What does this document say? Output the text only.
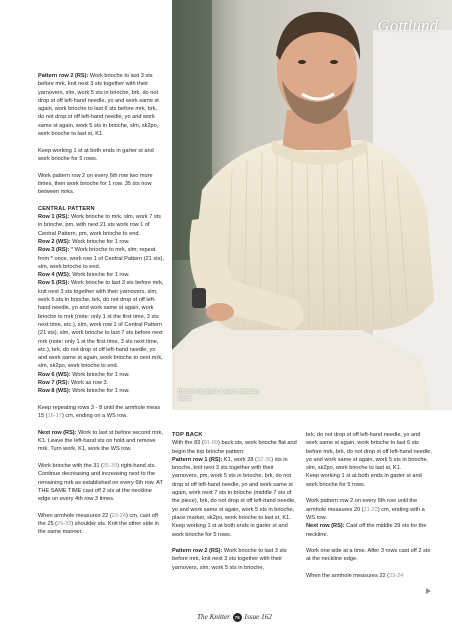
Gottlund
Brioche rib gives a warm, stretchy fabric

Pattern row 2 (RS): Work brioche to last 3 sts before mrk, knit next 3 sts together with their yarnovers, slm, work 5 sts in brioche, brk, do not drop st off left-hand needle, yo and work same st again, work brioche to last 6 sts before mrk, brk, do not drop st off left-hand needle, yo and work same st again, work 5 sts in brioche, slm, sk2po, work brioche to last st, K1.

Keep working 1 st at both ends in garter st and work brioche for 5 rows.

Work pattern row 2 on every 6th row two more times, then work brioche for 1 row. 35 sts now between mrks.

CENTRAL PATTERN
Row 1 (RS): Work brioche to mrk, slm, work 7 sts in brioche, pm, with next 21 sts work row 1 of Central Pattern, pm, work brioche to end.
Row 2 (WS): Work brioche for 1 row.
Row 3 (RS): * Work brioche to mrk, slm; repeat from * once, work row 1 of Central Pattern (21 sts), slm, work brioche to end.
Row 4 (WS): Work brioche for 1 row.
Row 5 (RS): Work brioche to last 3 sts before mrk, knit next 3 sts together with their yarnovers, slm, work 5 sts in brioche, brk, do not drop st off left-hand needle, yo and work same st again, work brioche to mrk (note: only 1 st the first time, 3 sts next time, etc.), slm, work row 1 of Central Pattern (21 sts), slm, work brioche to last 7 sts before next mrk (note: only 1 st the first time, 3 sts next time, etc.), brk, do not drop st off left-hand needle, yo and work same st again, work brioche to next mrk, slm, sk2po, work brioche to end.
Row 6 (WS): Work brioche for 1 row.
Row 7 (RS): Work as row 3.

Row 8 (WS): Work brioche for 1 row.

Keep repeating rows 3 - 8 until the armhole meas 15 (16-17) cm, ending on a WS row.

Next row (RS): Work to last st before second mrk, K1. Leave the left-hand sts on hold and remove mrk. Turn work, K1, work the WS row.

Work brioche with the 31 (35-39) right-hand sts. Continue decreasing and increasing next to the remaining mrk as established on every 6th row. AT THE SAME TIME cast off 2 sts at the neckline edge on every 4th row 3 times.

When armhole measures 22 (23-24) cm, cast off the 25 (29-33) shoulder sts. Knit the other side in the same manner.

TOP BACK
With the 83 (91-99) back sts, work brioche flat and begin the top brioche pattern:
Pattern row 1 (RS): K1, work 28 (32-36) sts in brioche, knit next 3 sts together with their yarnovers, pm, work 5 sts in brioche, brk, do not drop st off left-hand needle, yo and work same st again, work next 7 sts in brioche (middle 7 sts of the piece), brk, do not drop st off left-hand needle, yo and work same st again, work 5 sts in brioche, place marker, sk2po, work brioche to last st, K1.

Keep working 1 st at both ends in garter st and work brioche for 5 rows.

Pattern row 2 (RS): Work brioche to last 3 sts before mrk, knit next 3 sts together with their yarnovers, slm, work 5 sts in brioche,

brk, do not drop st off left-hand needle, yo and work same st again, work brioche to last 6 sts before mrk, brk, do not drop st off left-hand needle, yo and work same st again, work 5 sts in brioche, slm, sk2po, work brioche to last st, K1.

Keep working 1 st at both ends in garter st and work brioche for 5 rows.

Work pattern row 2 on every 6th row until the armhole measures 20 (21-22) cm, ending with a WS row.

Next row (RS): Cast off the middle 29 sts for the neckline.

Work one side at a time. After 3 rows cast off 2 sts at the neckline edge.

When the armhole measures 22 (23-24

The Knitter 75 Issue 162
